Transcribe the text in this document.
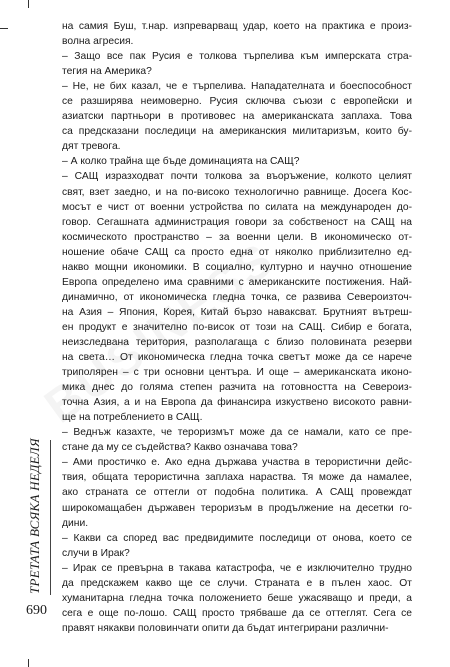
на самия Буш, т.нар. изпреварващ удар, което на практика е произ-
волна агресия.
– Защо все пак Русия е толкова търпелива към имперската стра-
тегия на Америка?
– Не, не бих казал, че е търпелива. Нападателната и боеспособност
се разширява неимоверно. Русия сключва съюзи с европейски и
азиатски партньори в противовес на американската заплаха. Това
са предсказани последици на американския милитаризъм, които бу-
дят тревога.
– А колко трайна ще бъде доминацията на САЩ?
– САЩ изразходват почти толкова за въоръжение, колкото целият
свят, взет заедно, и на по-високо технологично равнище. Досега Кос-
мосът е чист от военни устройства по силата на международен до-
говор. Сегашната администрация говори за собственост на САЩ на
космическото пространство – за военни цели. В икономическо от-
ношение обаче САЩ са просто една от няколко приблизително ед-
накво мощни икономики. В социално, културно и научно отношение
Европа определено има сравними с американските постижения. Най-
динамично, от икономическа гледна точка, се развива Североизточ-
на Азия – Япония, Корея, Китай бързо наваксват. Брутният вътреш-
ен продукт е значително по-висок от този на САЩ. Сибир е богата,
неизследвана територия, разполагаща с близо половината резерви
на света… От икономическа гледна точка светът може да се нарече
триполярен – с три основни центъра. И още – американската иконо-
мика днес до голяма степен разчита на готовността на Североиз-
точна Азия, а и на Европа да финансира изкуствено високото равни-
ще на потреблението в САЩ.
– Веднъж казахте, че тероризмът може да се намали, като се пре-
стане да му се съдейства? Какво означава това?
– Ами простичко е. Ако една държава участва в терористични дейс-
твия, общата терористична заплаха нараства. Тя може да намалее,
ако страната се оттегли от подобна политика. А САЩ провеждат
широкомащабен държавен тероризъм в продължение на десетки го-
дини.
– Какви са според вас предвидимите последици от онова, което се
случи в Ирак?
– Ирак се превърна в такава катастрофа, че е изключително трудно
да предскажем какво ще се случи. Страната е в пълен хаос. От
хуманитарна гледна точка положението беше ужасяващо и преди, а
сега е още по-лошо. САЩ просто трябваше да се оттеглят. Сега се
правят някакви половинчати опити да бъдат интегрирани различни-
ТРЕТАТА ВСЯКА НЕДЕЛЯ
690
